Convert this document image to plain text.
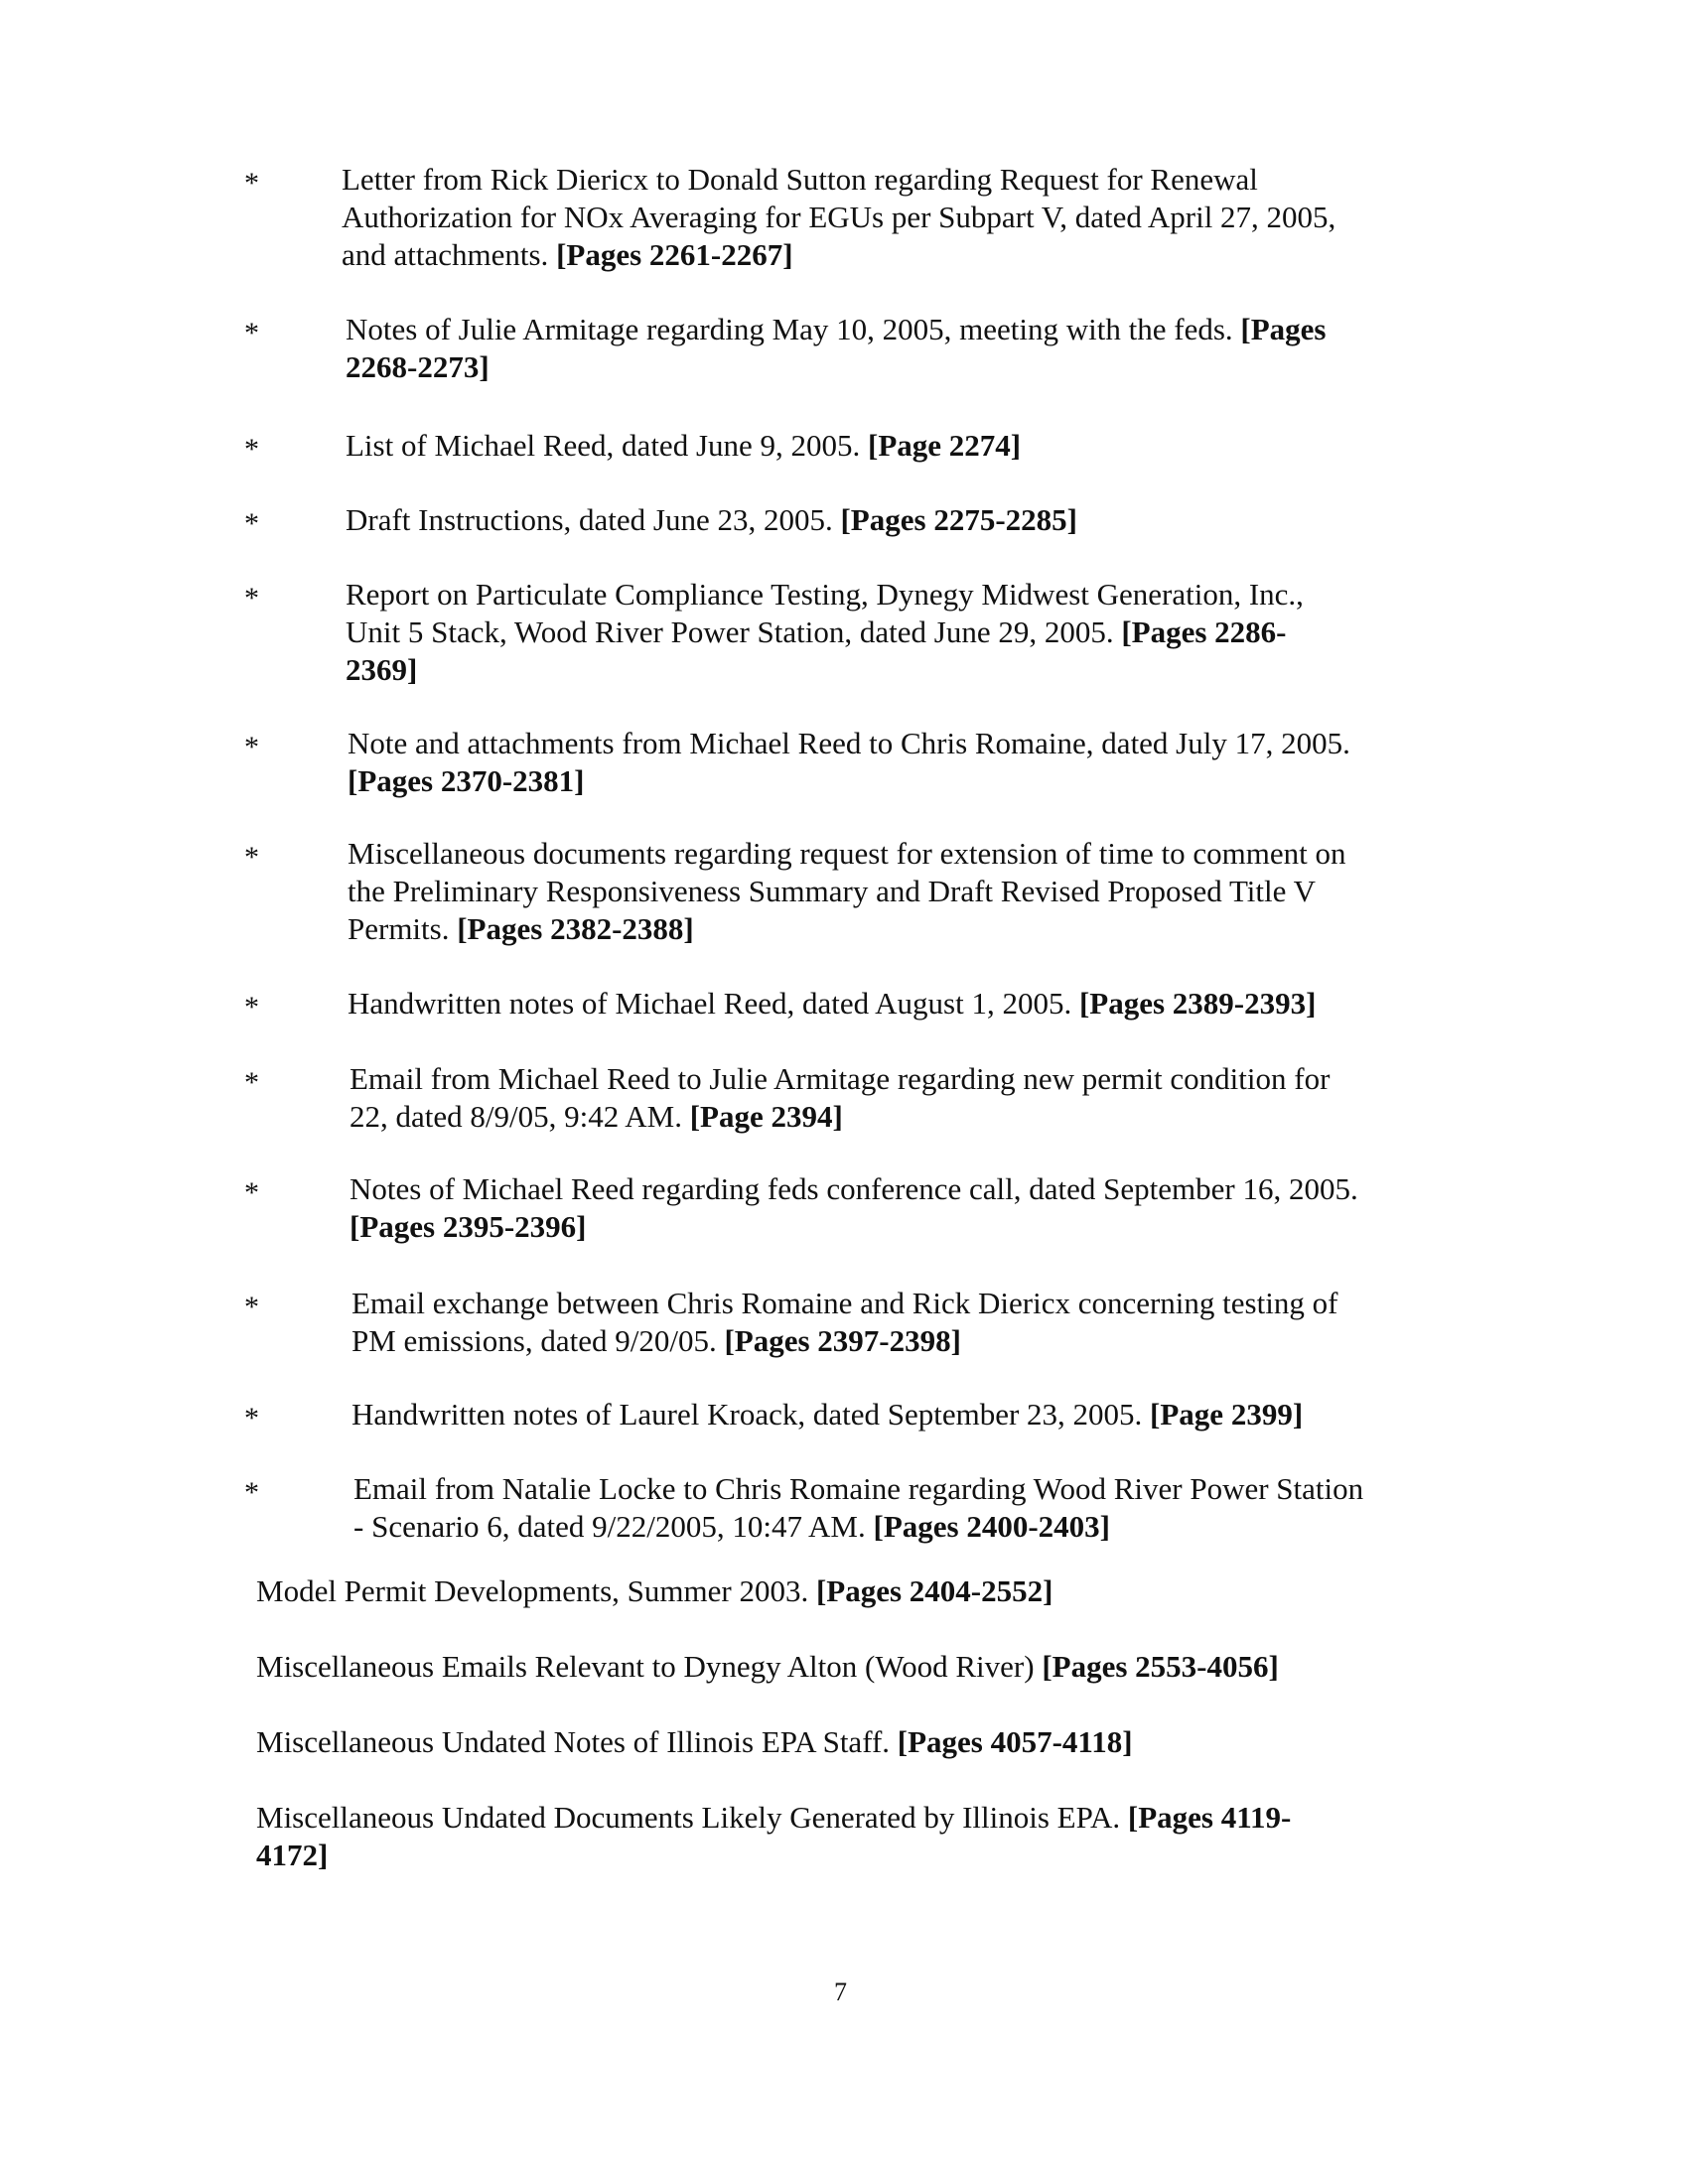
*	Letter from Rick Diericx to Donald Sutton regarding Request for Renewal
Authorization for NOx Averaging for EGUs per Subpart V, dated April 27, 2005,
and attachments. [Pages 2261-2267]
*	Notes of Julie Armitage regarding May 10, 2005, meeting with the feds. [Pages
2268-2273]
*	List of Michael Reed, dated June 9, 2005. [Page 2274]
*	Draft Instructions, dated June 23, 2005. [Pages 2275-2285]
*	Report on Particulate Compliance Testing, Dynegy Midwest Generation, Inc.,
Unit 5 Stack, Wood River Power Station, dated June 29, 2005. [Pages 2286-
2369]
*	Note and attachments from Michael Reed to Chris Romaine, dated July 17, 2005.
[Pages 2370-2381]
*	Miscellaneous documents regarding request for extension of time to comment on
the Preliminary Responsiveness Summary and Draft Revised Proposed Title V
Permits. [Pages 2382-2388]
*	Handwritten notes of Michael Reed, dated August 1, 2005. [Pages 2389-2393]
*	Email from Michael Reed to Julie Armitage regarding new permit condition for
22, dated 8/9/05, 9:42 AM. [Page 2394]
*	Notes of Michael Reed regarding feds conference call, dated September 16, 2005.
[Pages 2395-2396]
*	Email exchange between Chris Romaine and Rick Diericx concerning testing of
PM emissions, dated 9/20/05. [Pages 2397-2398]
*	Handwritten notes of Laurel Kroack, dated September 23, 2005. [Page 2399]
*	Email from Natalie Locke to Chris Romaine regarding Wood River Power Station
- Scenario 6, dated 9/22/2005, 10:47 AM. [Pages 2400-2403]
Model Permit Developments, Summer 2003. [Pages 2404-2552]
Miscellaneous Emails Relevant to Dynegy Alton (Wood River) [Pages 2553-4056]
Miscellaneous Undated Notes of Illinois EPA Staff. [Pages 4057-4118]
Miscellaneous Undated Documents Likely Generated by Illinois EPA. [Pages 4119-
4172]
7
